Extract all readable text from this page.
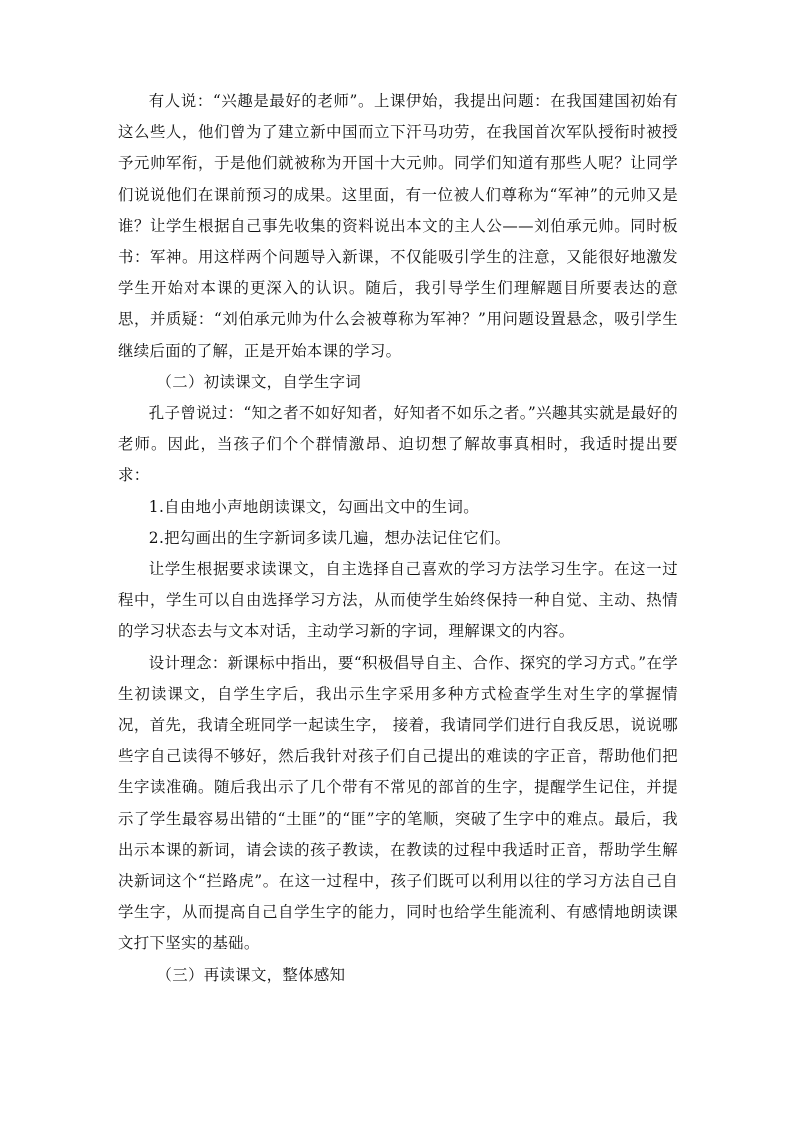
有人说：“兴趣是最好的老师”。上课伊始，我提出问题：在我国建国初始有这么些人，他们曾为了建立新中国而立下汗马功劳，在我国首次军队授衔时被授予元帅军衔，于是他们就被称为开国十大元帅。同学们知道有那些人呢？让同学们说说他们在课前预习的成果。这里面，有一位被人们尊称为“军神”的元帅又是谁？让学生根据自己事先收集的资料说出本文的主人公——刘伯承元帅。同时板书：军神。用这样两个问题导入新课，不仅能吸引学生的注意，又能很好地激发学生开始对本课的更深入的认识。随后，我引导学生们理解题目所要表达的意思，并质疑：“刘伯承元帅为什么会被尊称为军神？”用问题设置悬念，吸引学生继续后面的了解，正是开始本课的学习。

（二）初读课文，自学生字词

孔子曾说过：“知之者不如好知者，好知者不如乐之者。”兴趣其实就是最好的老师。因此，当孩子们个个群情激昂、迫切想了解故事真相时，我适时提出要求：

1.自由地小声地朗读课文，勾画出文中的生词。

2.把勾画出的生字新词多读几遍，想办法记住它们。

让学生根据要求读课文，自主选择自己喜欢的学习方法学习生字。在这一过程中，学生可以自由选择学习方法，从而使学生始终保持一种自觉、主动、热情的学习状态去与文本对话，主动学习新的字词，理解课文的内容。

设计理念：新课标中指出，要“积极倡导自主、合作、探究的学习方式。”在学生初读课文，自学生字后，我出示生字采用多种方式检查学生对生字的掌握情况，首先，我请全班同学一起读生字， 接着，我请同学们进行自我反思，说说哪些字自己读得不够好，然后我针对孩子们自己提出的难读的字正音，帮助他们把生字读准确。随后我出示了几个带有不常见的部首的生字，提醒学生记住，并提示了学生最容易出错的“土匪”的“匪”字的笔顺，突破了生字中的难点。最后，我出示本课的新词，请会读的孩子教读，在教读的过程中我适时正音，帮助学生解决新词这个“拦路虎”。在这一过程中，孩子们既可以利用以往的学习方法自己自学生字，从而提高自己自学生字的能力，同时也给学生能流利、有感情地朗读课文打下坚实的基础。

（三）再读课文，整体感知
